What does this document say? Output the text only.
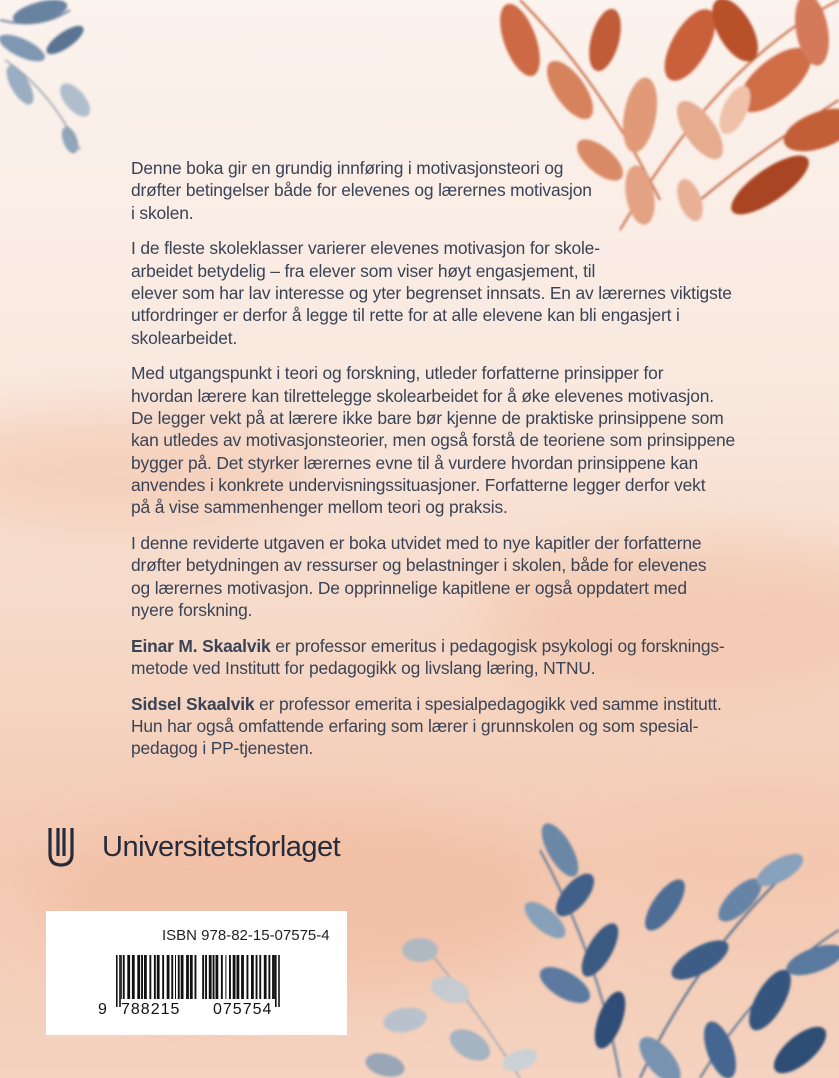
Denne boka gir en grundig innføring i motivasjonsteori og
drøfter betingelser både for elevenes og lærernes motivasjon
i skolen.

I de fleste skoleklasser varierer elevenes motivasjon for skole-
arbeidet betydelig – fra elever som viser høyt engasjement, til
elever som har lav interesse og yter begrenset innsats. En av lærernes viktigste
utfordringer er derfor å legge til rette for at alle elevene kan bli engasjert i
skolearbeidet.

Med utgangspunkt i teori og forskning, utleder forfatterne prinsipper for
hvordan lærere kan tilrettelegge skolearbeidet for å øke elevenes motivasjon.
De legger vekt på at lærere ikke bare bør kjenne de praktiske prinsippene som
kan utledes av motivasjonsteorier, men også forstå de teoriene som prinsippene
bygger på. Det styrker lærernes evne til å vurdere hvordan prinsippene kan
anvendes i konkrete undervisningssituasjoner. Forfatterne legger derfor vekt
på å vise sammenhenger mellom teori og praksis.

I denne reviderte utgaven er boka utvidet med to nye kapitler der forfatterne
drøfter betydningen av ressurser og belastninger i skolen, både for elevenes
og lærernes motivasjon. De opprinnelige kapitlene er også oppdatert med
nyere forskning.

Einar M. Skaalvik er professor emeritus i pedagogisk psykologi og forsknings-
metode ved Institutt for pedagogikk og livslang læring, NTNU.

Sidsel Skaalvik er professor emerita i spesialpedagogikk ved samme institutt.
Hun har også omfattende erfaring som lærer i grunnskolen og som spesial-
pedagog i PP-tjenesten.

Universitetsforlaget
ISBN 978-82-15-07575-4
9 788215 075754
